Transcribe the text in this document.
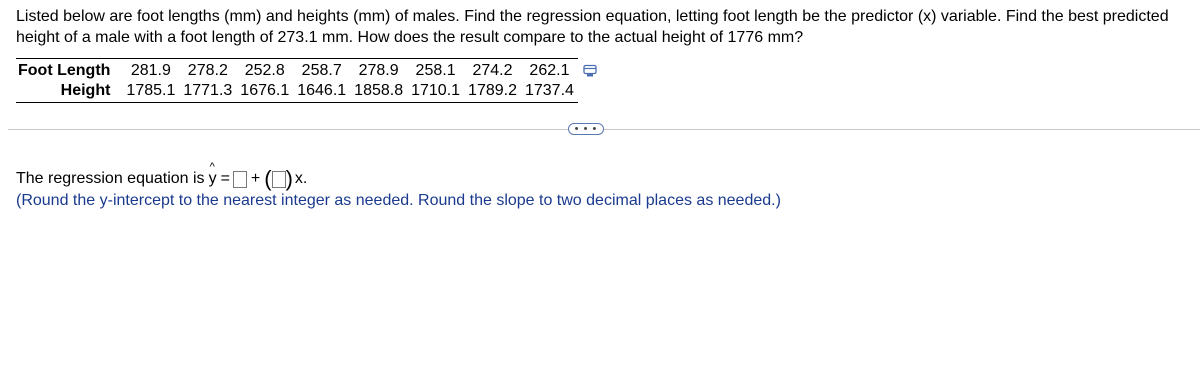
Listed below are foot lengths (mm) and heights (mm) of males. Find the regression equation, letting foot length be the predictor (x) variable. Find the best predicted height of a male with a foot length of 273.1 mm. How does the result compare to the actual height of 1776 mm?
Foot Length	281.9	278.2	252.8	258.7	278.9	258.1	274.2	262.1
Height	1785.1	1771.3	1676.1	1646.1	1858.8	1710.1	1789.2	1737.4
• • •
The regression equation is
^
y = + ( ) x.
(Round the y-intercept to the nearest integer as needed. Round the slope to two decimal places as needed.)
